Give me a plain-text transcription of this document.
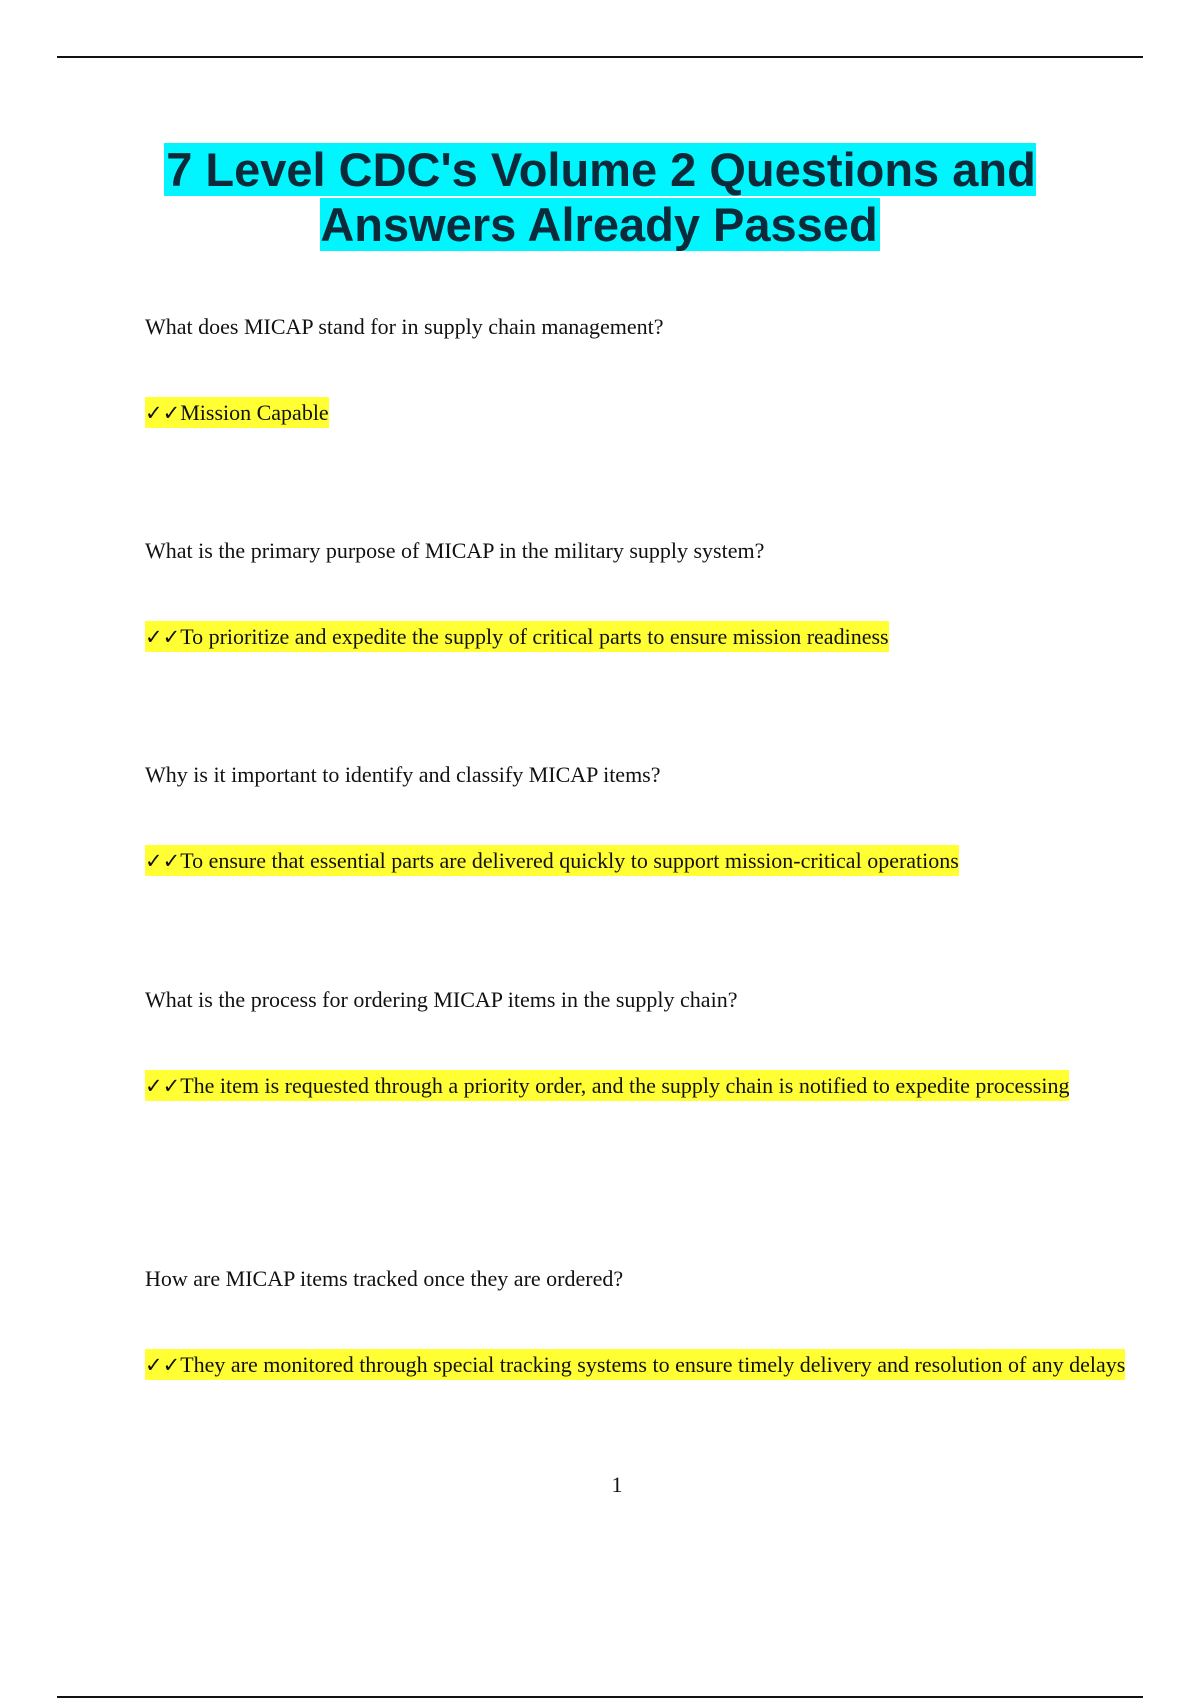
7 Level CDC's Volume 2 Questions and Answers Already Passed

What does MICAP stand for in supply chain management?

✓✓Mission Capable

What is the primary purpose of MICAP in the military supply system?

✓✓To prioritize and expedite the supply of critical parts to ensure mission readiness

Why is it important to identify and classify MICAP items?

✓✓To ensure that essential parts are delivered quickly to support mission-critical operations

What is the process for ordering MICAP items in the supply chain?

✓✓The item is requested through a priority order, and the supply chain is notified to expedite processing

How are MICAP items tracked once they are ordered?

✓✓They are monitored through special tracking systems to ensure timely delivery and resolution of any delays

1
